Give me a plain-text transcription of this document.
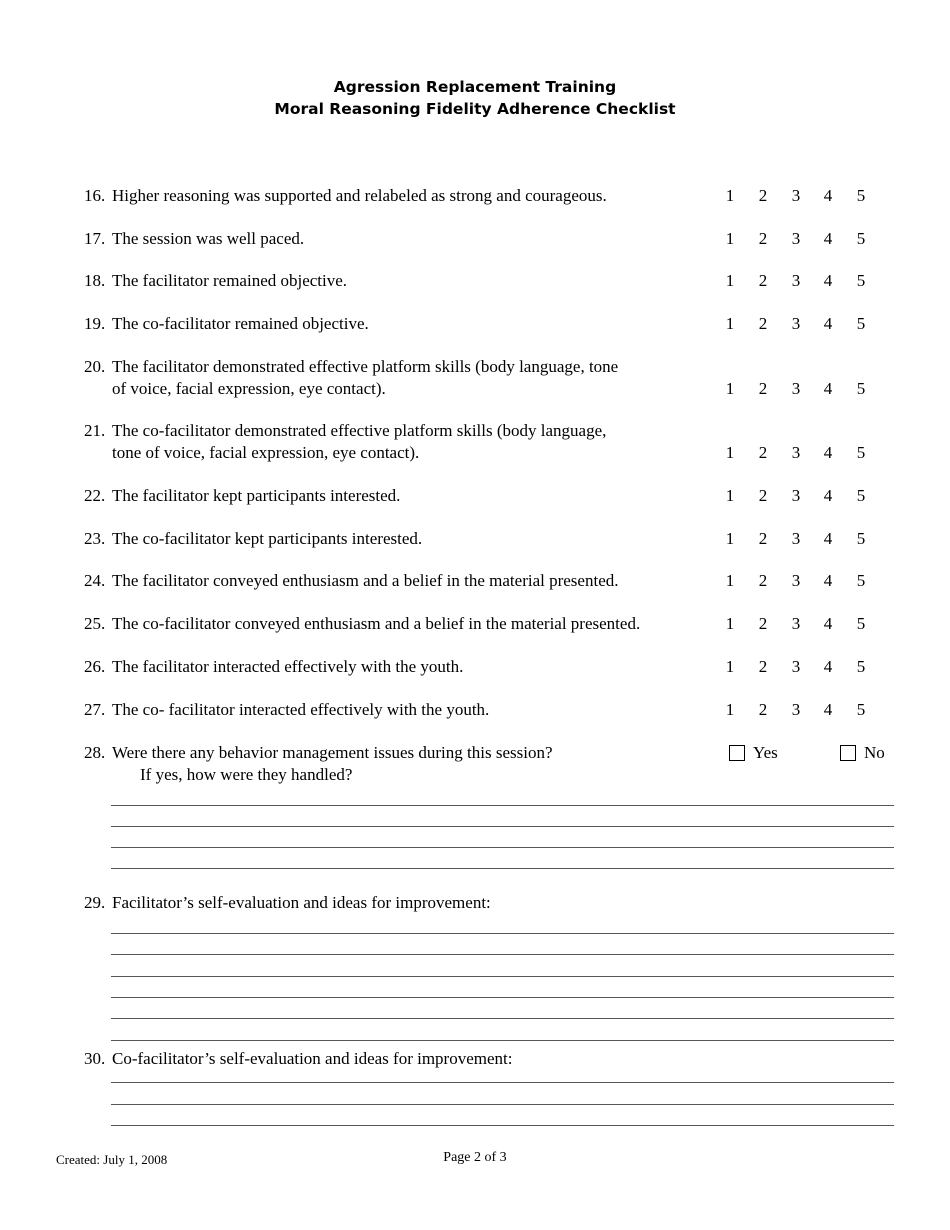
Agression Replacement Training
Moral Reasoning Fidelity Adherence Checklist
16. Higher reasoning was supported and relabeled as strong and courageous.	1	2	3	4	5
17. The session was well paced.	1	2	3	4	5
18. The facilitator remained objective.	1	2	3	4	5
19. The co-facilitator remained objective.	1	2	3	4	5
20. The facilitator demonstrated effective platform skills (body language, tone
of voice, facial expression, eye contact).	1	2	3	4	5
21. The co-facilitator demonstrated effective platform skills (body language,
tone of voice, facial expression, eye contact).	1	2	3	4	5
22. The facilitator kept participants interested.	1	2	3	4	5
23. The co-facilitator kept participants interested.	1	2	3	4	5
24. The facilitator conveyed enthusiasm and a belief in the material presented.	1	2	3	4	5
25. The co-facilitator conveyed enthusiasm and a belief in the material presented.	1	2	3	4	5
26. The facilitator interacted effectively with the youth.	1	2	3	4	5
27. The co- facilitator interacted effectively with the youth.	1	2	3	4	5
28. Were there any behavior management issues during this session?
If yes, how were they handled?
Yes	No
29. Facilitator’s self-evaluation and ideas for improvement:
30. Co-facilitator’s self-evaluation and ideas for improvement:
Created: July 1, 2008	Page 2 of 3
